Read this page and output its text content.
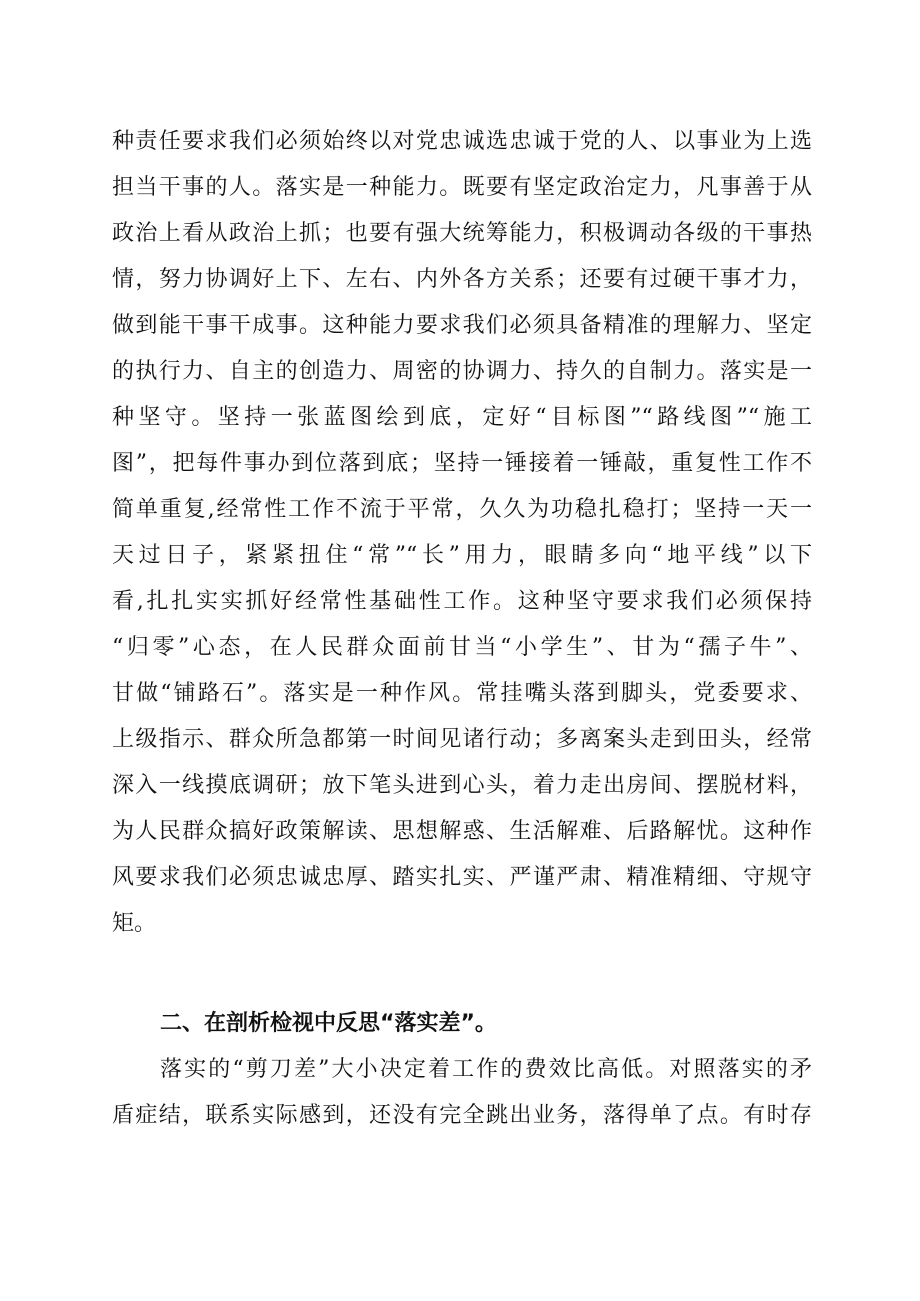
种责任要求我们必须始终以对党忠诚选忠诚于党的人、以事业为上选
担当干事的人。落实是一种能力。既要有坚定政治定力，凡事善于从
政治上看从政治上抓；也要有强大统筹能力，积极调动各级的干事热
情，努力协调好上下、左右、内外各方关系；还要有过硬干事才力，
做到能干事干成事。这种能力要求我们必须具备精准的理解力、坚定
的执行力、自主的创造力、周密的协调力、持久的自制力。落实是一
种坚守。坚持一张蓝图绘到底，定好“目标图”“路线图”“施工
图”，把每件事办到位落到底；坚持一锤接着一锤敲，重复性工作不
简单重复,经常性工作不流于平常，久久为功稳扎稳打；坚持一天一
天过日子，紧紧扭住“常”“长”用力，眼睛多向“地平线”以下
看,扎扎实实抓好经常性基础性工作。这种坚守要求我们必须保持
“归零”心态，在人民群众面前甘当“小学生”、甘为“孺子牛”、
甘做“铺路石”。落实是一种作风。常挂嘴头落到脚头，党委要求、
上级指示、群众所急都第一时间见诸行动；多离案头走到田头，经常
深入一线摸底调研；放下笔头进到心头，着力走出房间、摆脱材料，
为人民群众搞好政策解读、思想解惑、生活解难、后路解忧。这种作
风要求我们必须忠诚忠厚、踏实扎实、严谨严肃、精准精细、守规守
矩。
二、在剖析检视中反思“落实差”。
落实的“剪刀差”大小决定着工作的费效比高低。对照落实的矛
盾症结，联系实际感到，还没有完全跳出业务，落得单了点。有时存
